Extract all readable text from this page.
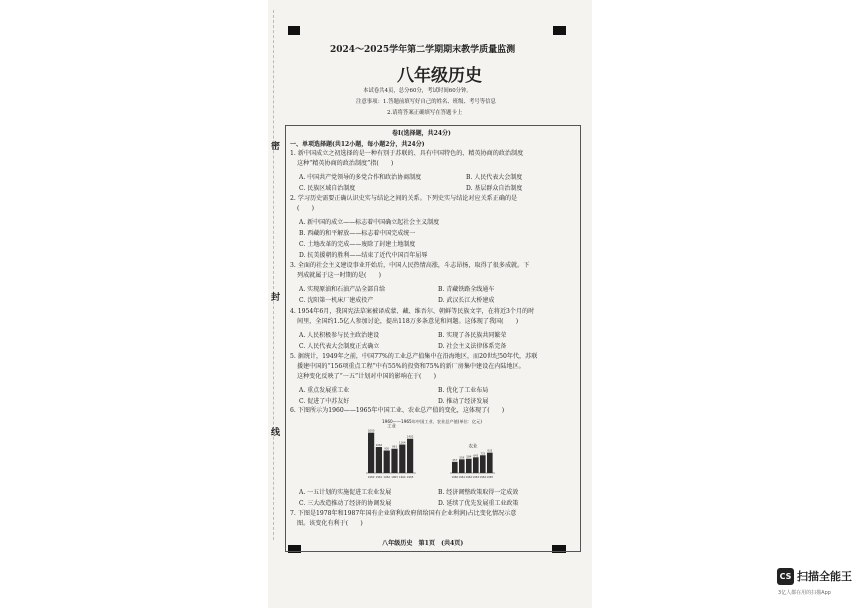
密
封
线
2024～2025学年第二学期期末教学质量监测
八年级历史
本试卷共4页，总分60分，考试时间60分钟。
注意事项：1.答题前填写好自己的姓名、班级、考号等信息
2.请将答案正确填写在答题卡上
卷Ⅰ(选择题，共24分)
一、单项选择题(共12小题，每小题2分，共24分)
1. 新中国成立之初选择的是一种有别于苏联的、具有中国特色的、精英协商的政治制度
这种“精英协商的政治制度”指(　　)
A. 中国共产党领导的多党合作和政治协商制度	B. 人民代表大会制度
C. 民族区域自治制度	D. 基层群众自治制度
2. 学习历史需要正确认识史实与结论之间的关系。下列史实与结论对应关系正确的是
(　　)
A. 新中国的成立——标志着中国确立起社会主义制度
B. 西藏的和平解放——标志着中国完成统一
C. 土地改革的完成——废除了封建土地制度
D. 抗美援朝的胜利——结束了近代中国百年屈辱
3. 全面的社会主义建设事业开始后，中国人民热情高涨，斗志昂扬，取得了很多成就。下
列成就属于这一时期的是(　　)
A. 实现原油和石油产品全部自给	B. 青藏铁路全线通车
C. 沈阳第一机床厂建成投产	D. 武汉长江大桥建成
4. 1954年6月，我国宪法草案被译成蒙、藏、维吾尔、朝鲜等民族文字，在将近3个月的时
间里，全国约1.5亿人参加讨论，提出118万多条意见和问题。这体现了我国(　　)
A. 人民积极参与民主政治建设	B. 实现了各民族共同繁荣
C. 人民代表大会制度正式确立	D. 社会主义法律体系完备
5. 据统计，1949年之前，中国77%的工业总产值集中在沿海地区，而20世纪50年代，苏联
援建中国的“156项重点工程”中有55%的投资和75%的新厂房集中建设在内陆地区。
这种变化反映了“一五”计划对中国的影响在于(　　)
A. 重点发展重工业	B. 优化了工业布局
C. 促进了中苏友好	D. 推动了经济发展
6. 下图所示为1960——1965年中国工业、农业总产值的变化，这体现了(　　)
1960——1965年中国工业、农业总产值(单位：亿元)
工业
1650
1960
1062
1961
920
1962
993
1963
1164
1964
1402
1965
农业
457
1960
559
1961
584
1962
642
1963
725
1964
833
1965
A. 一五计划的实施促进工农业发展	B. 经济调整政策取得一定成效
C. 三大改造推动了经济的协调发展	D. 延续了优先发展重工业政策
7. 下图是1978年和1987年国有企业留利(政府留给国有企业利润)占比变化情况示意
图。该变化有利于(　　)
八年级历史　第1页　(共4页)
CS 扫描全能王
3亿人都在用的扫描App
